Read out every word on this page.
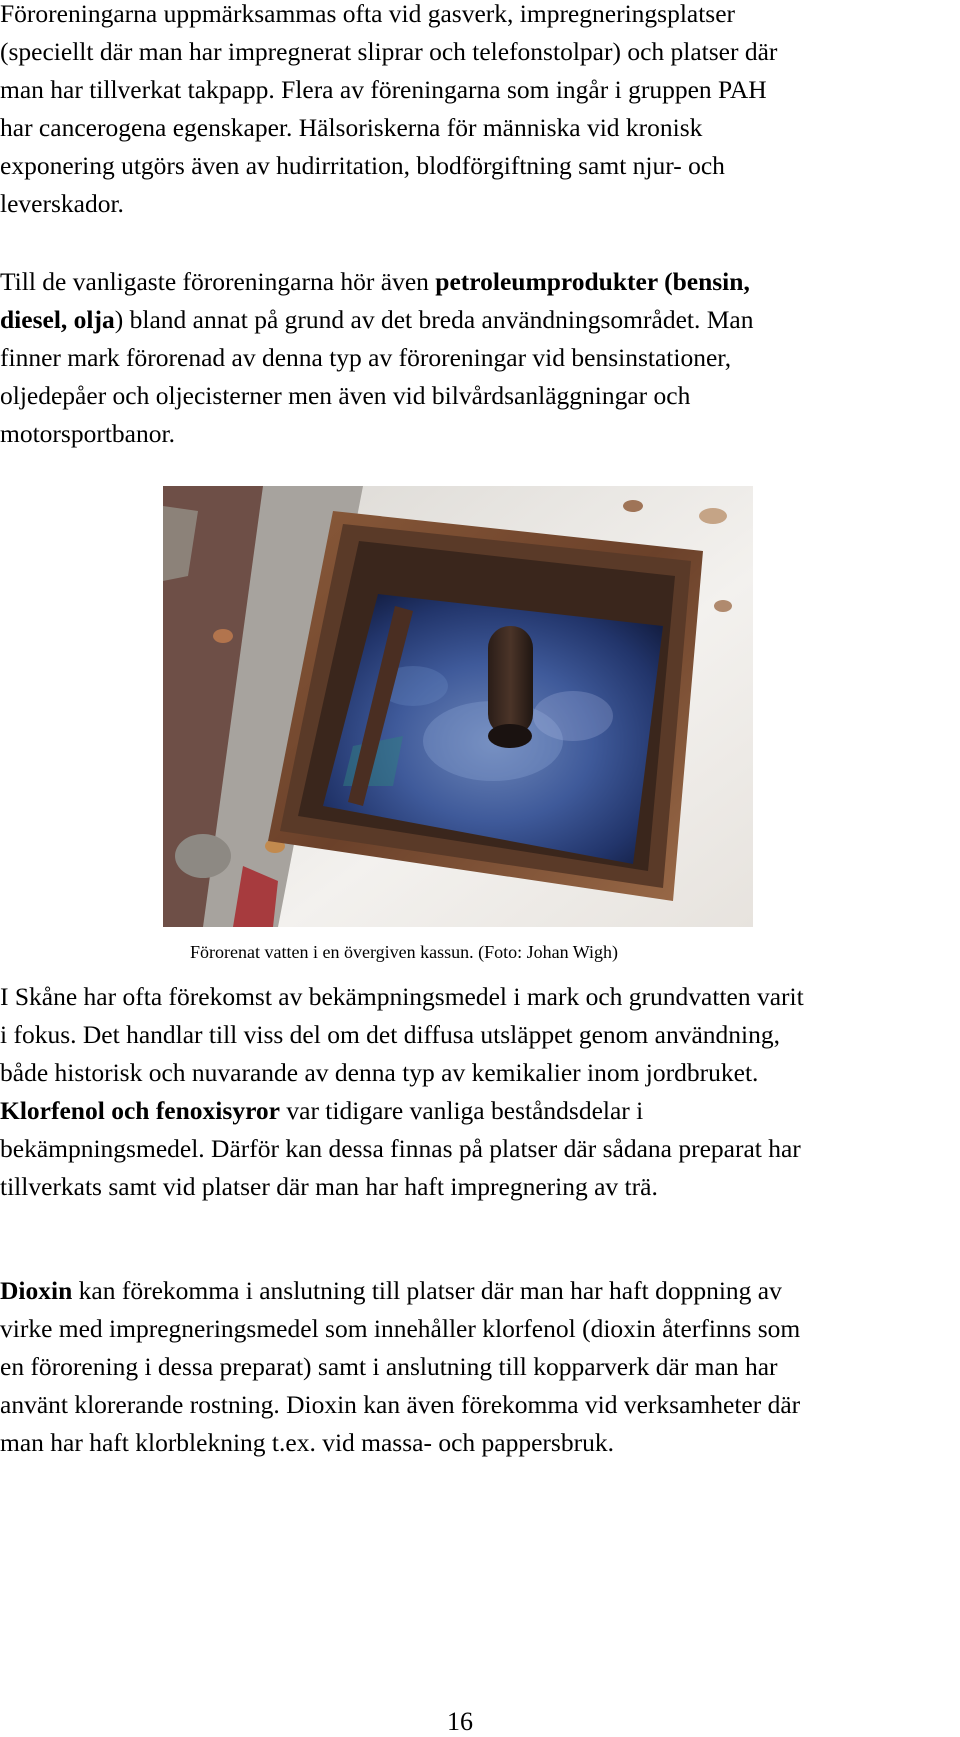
Föroreningarna uppmärksammas ofta vid gasverk, impregneringsplatser
(speciellt där man har impregnerat sliprar och telefonstolpar) och platser där
man har tillverkat takpapp. Flera av föreningarna som ingår i gruppen PAH
har cancerogena egenskaper. Hälsoriskerna för människa vid kronisk
exponering utgörs även av hudirritation, blodförgiftning samt njur- och
leverskador.
Till de vanligaste föroreningarna hör även petroleumprodukter (bensin,
diesel, olja) bland annat på grund av det breda användningsområdet. Man
finner mark förorenad av denna typ av föroreningar vid bensinstationer,
oljedepåer och oljecisterner men även vid bilvårdsanläggningar och
motorsportbanor.
Förorenat vatten i en övergiven kassun. (Foto: Johan Wigh)
I Skåne har ofta förekomst av bekämpningsmedel i mark och grundvatten varit
i fokus. Det handlar till viss del om det diffusa utsläppet genom användning,
både historisk och nuvarande av denna typ av kemikalier inom jordbruket.
Klorfenol och fenoxisyror var tidigare vanliga beståndsdelar i
bekämpningsmedel. Därför kan dessa finnas på platser där sådana preparat har
tillverkats samt vid platser där man har haft impregnering av trä.
Dioxin kan förekomma i anslutning till platser där man har haft doppning av
virke med impregneringsmedel som innehåller klorfenol (dioxin återfinns som
en förorening i dessa preparat) samt i anslutning till kopparverk där man har
använt klorerande rostning. Dioxin kan även förekomma vid verksamheter där
man har haft klorblekning t.ex. vid massa- och pappersbruk.
16
